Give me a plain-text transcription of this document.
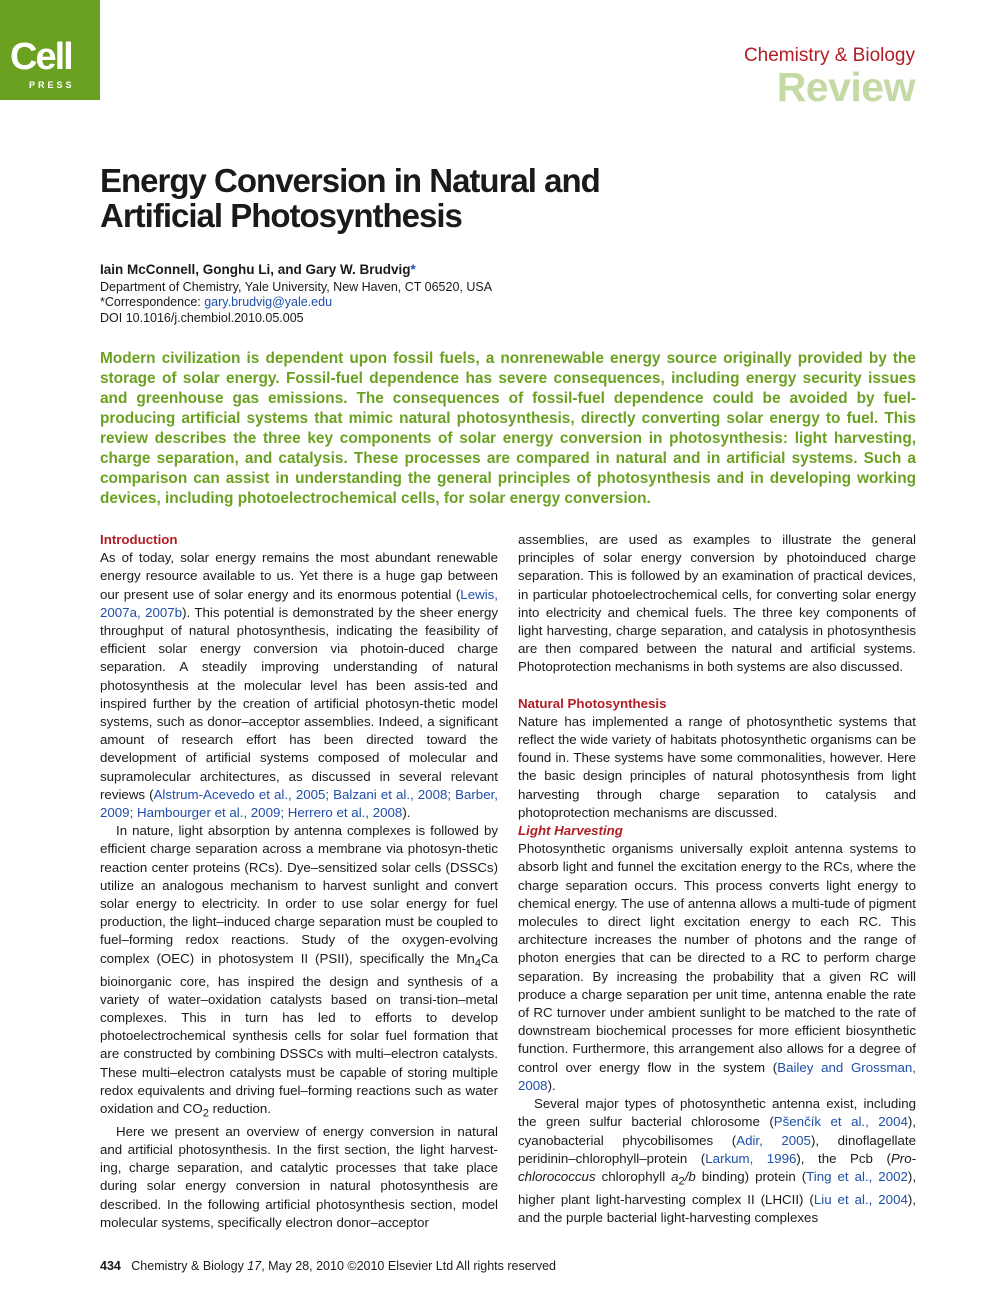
Cell
PRESS
Chemistry & Biology
Review
Energy Conversion in Natural and Artificial Photosynthesis
Iain McConnell, Gonghu Li, and Gary W. Brudvig*
Department of Chemistry, Yale University, New Haven, CT 06520, USA
*Correspondence: gary.brudvig@yale.edu
DOI 10.1016/j.chembiol.2010.05.005
Modern civilization is dependent upon fossil fuels, a nonrenewable energy source originally provided by the storage of solar energy. Fossil-fuel dependence has severe consequences, including energy security issues and greenhouse gas emissions. The consequences of fossil-fuel dependence could be avoided by fuel-producing artificial systems that mimic natural photosynthesis, directly converting solar energy to fuel. This review describes the three key components of solar energy conversion in photosynthesis: light harvesting, charge separation, and catalysis. These processes are compared in natural and in artificial systems. Such a comparison can assist in understanding the general principles of photosynthesis and in developing working devices, including photoelectrochemical cells, for solar energy conversion.
Introduction

As of today, solar energy remains the most abundant renewable energy resource available to us. Yet there is a huge gap between our present use of solar energy and its enormous potential (Lewis, 2007a, 2007b). This potential is demonstrated by the sheer energy throughput of natural photosynthesis, indicating the feasibility of efficient solar energy conversion via photoin-duced charge separation. A steadily improving understanding of natural photosynthesis at the molecular level has been assis-ted and inspired further by the creation of artificial photosyn-thetic model systems, such as donor–acceptor assemblies. Indeed, a significant amount of research effort has been directed toward the development of artificial systems composed of molecular and supramolecular architectures, as discussed in several relevant reviews (Alstrum-Acevedo et al., 2005; Balzani et al., 2008; Barber, 2009; Hambourger et al., 2009; Herrero et al., 2008).

In nature, light absorption by antenna complexes is followed by efficient charge separation across a membrane via photosyn-thetic reaction center proteins (RCs). Dye–sensitized solar cells (DSSCs) utilize an analogous mechanism to harvest sunlight and convert solar energy to electricity. In order to use solar energy for fuel production, the light–induced charge separation must be coupled to fuel–forming redox reactions. Study of the oxygen-evolving complex (OEC) in photosystem II (PSII), specifically the $Mn_4Ca$ bioinorganic core, has inspired the design and synthesis of a variety of water–oxidation catalysts based on transi-tion–metal complexes. This in turn has led to efforts to develop photoelectrochemical synthesis cells for solar fuel formation that are constructed by combining DSSCs with multi–electron catalysts. These multi–electron catalysts must be capable of storing multiple redox equivalents and driving fuel–forming reactions such as water oxidation and $CO_2$ reduction.

Here we present an overview of energy conversion in natural and artificial photosynthesis. In the first section, the light harvest-ing, charge separation, and catalytic processes that take place during solar energy conversion in natural photosynthesis are described. In the following artificial photosynthesis section, model molecular systems, specifically electron donor–acceptor

assemblies, are used as examples to illustrate the general principles of solar energy conversion by photoinduced charge separation. This is followed by an examination of practical devices, in particular photoelectrochemical cells, for converting solar energy into electricity and chemical fuels. The three key components of light harvesting, charge separation, and catalysis in photosynthesis are then compared between the natural and artificial systems. Photoprotection mechanisms in both systems are also discussed.

Natural Photosynthesis

Nature has implemented a range of photosynthetic systems that reflect the wide variety of habitats photosynthetic organisms can be found in. These systems have some commonalities, however. Here the basic design principles of natural photosynthesis from light harvesting through charge separation to catalysis and photoprotection mechanisms are discussed.

Light Harvesting

Photosynthetic organisms universally exploit antenna systems to absorb light and funnel the excitation energy to the RCs, where the charge separation occurs. This process converts light energy to chemical energy. The use of antenna allows a multi-tude of pigment molecules to direct light excitation energy to each RC. This architecture increases the number of photons and the range of photon energies that can be directed to a RC to perform charge separation. By increasing the probability that a given RC will produce a charge separation per unit time, antenna enable the rate of RC turnover under ambient sunlight to be matched to the rate of downstream biochemical processes for more efficient biosynthetic function. Furthermore, this arrangement also allows for a degree of control over energy flow in the system (Bailey and Grossman, 2008).

Several major types of photosynthetic antenna exist, including the green sulfur bacterial chlorosome (Pšenčík et al., 2004), cyanobacterial phycobilisomes (Adir, 2005), dinoflagellate peridinin–chlorophyll–protein (Larkum, 1996), the Pcb (Pro-chlorococcus chlorophyll $a_2/b$ binding) protein (Ting et al., 2002), higher plant light-harvesting complex II (LHCII) (Liu et al., 2004), and the purple bacterial light-harvesting complexes

434 Chemistry & Biology 17, May 28, 2010 ©2010 Elsevier Ltd All rights reserved
